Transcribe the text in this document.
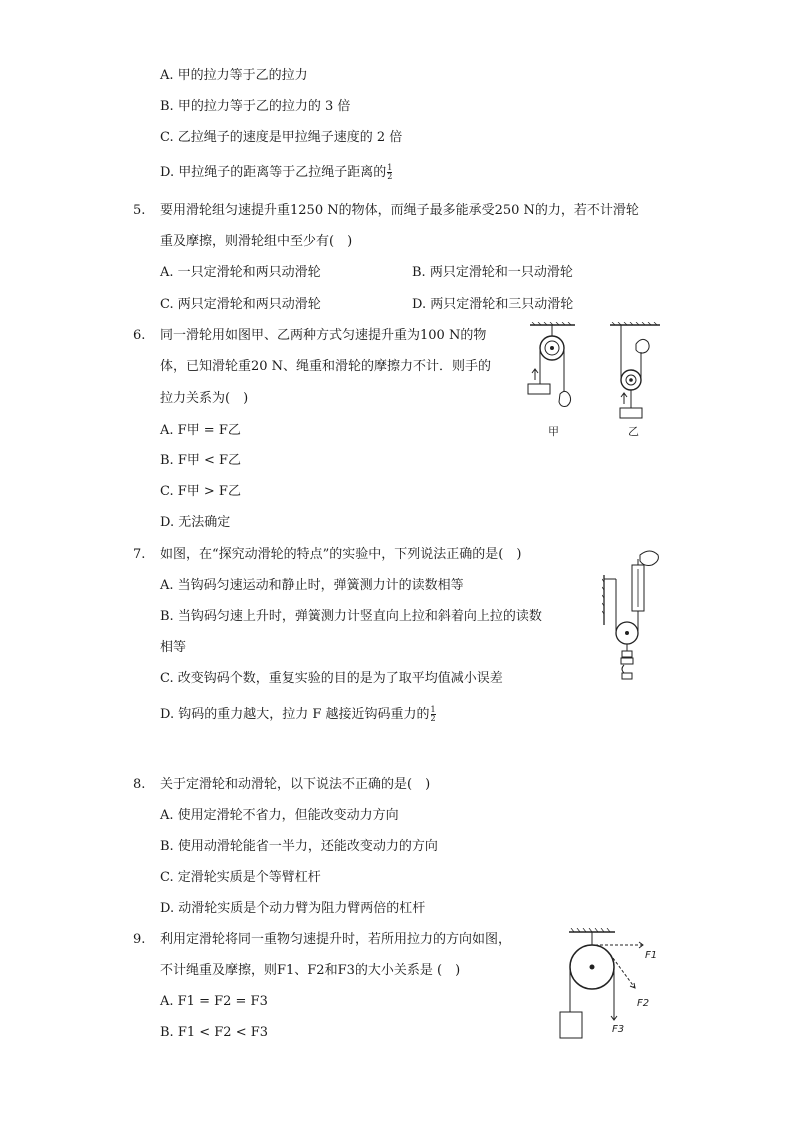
A. 甲的拉力等于乙的拉力
B. 甲的拉力等于乙的拉力的 3 倍
C. 乙拉绳子的速度是甲拉绳子速度的 2 倍
D. 甲拉绳子的距离等于乙拉绳子距离的 $\frac{1}{2}$
5. 要用滑轮组匀速提升重1250 N的物体，而绳子最多能承受250 N的力，若不计滑轮
重及摩擦，则滑轮组中至少有(　)
A. 一只定滑轮和两只动滑轮	B. 两只定滑轮和一只动滑轮
C. 两只定滑轮和两只动滑轮	D. 两只定滑轮和三只动滑轮
6. 同一滑轮用如图甲、乙两种方式匀速提升重为100 N的物
体，已知滑轮重20 N、绳重和滑轮的摩擦力不计．则手的
拉力关系为(　)
A. F甲 = F乙
B. F甲 < F乙
C. F甲 > F乙
D. 无法确定
甲	乙
7. 如图，在“探究动滑轮的特点”的实验中，下列说法正确的是(　)
A. 当钩码匀速运动和静止时，弹簧测力计的读数相等
B. 当钩码匀速上升时，弹簧测力计竖直向上拉和斜着向上拉的读数
相等
C. 改变钩码个数，重复实验的目的是为了取平均值减小误差
D. 钩码的重力越大，拉力 F 越接近钩码重力的 $\frac{1}{2}$
8. 关于定滑轮和动滑轮，以下说法不正确的是(　)
A. 使用定滑轮不省力，但能改变动力方向
B. 使用动滑轮能省一半力，还能改变动力的方向
C. 定滑轮实质是个等臂杠杆
D. 动滑轮实质是个动力臂为阻力臂两倍的杠杆
9. 利用定滑轮将同一重物匀速提升时，若所用拉力的方向如图，
不计绳重及摩擦，则F1、F2和F3的大小关系是 (　)
A. F1 = F2 = F3
B. F1 < F2 < F3
F1
F2
F3
